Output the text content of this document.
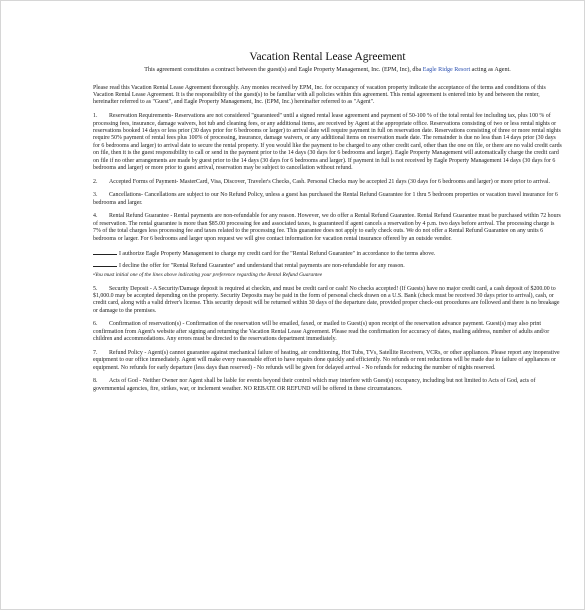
Vacation Rental Lease Agreement
This agreement constitutes a contract between the guest(s) and Eagle Property Management, Inc. (EPM, Inc), dba Eagle Ridge Resort acting as Agent.
Please read this Vacation Rental Lease Agreement thoroughly. Any monies received by EPM, Inc. for occupancy of vacation property indicate the acceptance of the terms and conditions of this Vacation Rental Lease Agreement. It is the responsibility of the guest(s) to be familiar with all policies within this agreement. This rental agreement is entered into by and between the renter, hereinafter referred to as "Guest", and Eagle Property Management, Inc. (EPM, Inc.) hereinafter referred to as "Agent".
1. Reservation Requirements- Reservations are not considered "guaranteed" until a signed rental lease agreement and payment of 50-100 % of the total rental fee including tax, plus 100 % of processing fees, insurance, damage waivers, hot tub and cleaning fees, or any additional items, are received by Agent at the appropriate office. Reservations consisting of two or less rental nights or reservations booked 14 days or less prior (30 days prior for 6 bedrooms or larger) to arrival date will require payment in full on reservation date. Reservations consisting of three or more rental nights require 50% payment of rental fees plus 100% of processing, insurance, damage waivers, or any additional items on reservation made date. The remainder is due no less than 14 days prior (30 days for 6 bedrooms and larger) to arrival date to secure the rental property. If you would like the payment to be charged to any other credit card, other than the one on file, or there are no valid credit cards on file, then it is the guest responsibility to call or send in the payment prior to the 14 days (30 days for 6 bedrooms and larger). Eagle Property Management will automatically charge the credit card on file if no other arrangements are made by guest prior to the 14 days (30 days for 6 bedrooms and larger). If payment in full is not received by Eagle Property Management 14 days (30 days for 6 bedrooms and larger) or more prior to guest arrival, reservation may be subject to cancellation without refund.
2. Accepted Forms of Payment- MasterCard, Visa, Discover, Traveler's Checks, Cash. Personal Checks may be accepted 21 days (30 days for 6 bedrooms and larger) or more prior to arrival.
3. Cancellations- Cancellations are subject to our No Refund Policy, unless a guest has purchased the Rental Refund Guarantee for 1 thru 5 bedroom properties or vacation travel insurance for 6 bedrooms and larger.
4. Rental Refund Guarantee - Rental payments are non-refundable for any reason. However, we do offer a Rental Refund Guarantee. Rental Refund Guarantee must be purchased within 72 hours of reservation. The rental guarantee is more than $85.00 processing fee and associated taxes, is guaranteed if agent cancels a reservation by 4 p.m. two days before arrival. The processing charge is 7% of the total charges less processing fee and taxes related to the processing fee. This guarantee does not apply to early check outs. We do not offer a Rental Refund Guarantee on any units 6 bedrooms or larger. For 6 bedrooms and larger upon request we will give contact information for vacation rental insurance offered by an outside vendor.
I authorize Eagle Property Management to charge my credit card for the "Rental Refund Guarantee" in accordance to the terms above.
I decline the offer for "Rental Refund Guarantee" and understand that rental payments are non-refundable for any reason.
•You must initial one of the lines above indicating your preference regarding the Rental Refund Guarantee
5. Security Deposit - A Security/Damage deposit is required at checkin, and must be credit card or cash! No checks accepted! (If Guests) have no major credit card, a cash deposit of $200.00 to $1,000.0 may be accepted depending on the property. Security Deposits may be paid in the form of personal check drawn on a U.S. Bank (check must be received 30 days prior to arrival), cash, or credit card, along with a valid driver's license. This security deposit will be returned within 30 days of the departure date, provided proper check-out procedures are followed and there is no breakage or damage to the premises.
6. Confirmation of reservation(s) - Confirmation of the reservation will be emailed, faxed, or mailed to Guest(s) upon receipt of the reservation advance payment. Guest(s) may also print confirmation from Agent's website after signing and returning the Vacation Rental Lease Agreement. Please read the confirmation for accuracy of dates, mailing address, number of adults and/or children and accommodations. Any errors must be directed to the reservations department immediately.
7. Refund Policy - Agent(s) cannot guarantee against mechanical failure of heating, air conditioning, Hot Tubs, TVs, Satellite Receivers, VCRs, or other appliances. Please report any inoperative equipment to our office immediately. Agent will make every reasonable effort to have repairs done quickly and efficiently. No refunds or rent reductions will be made due to failure of appliances or equipment. No refunds for early departure (less days than reserved) - No refunds will be given for delayed arrival - No refunds for reducing the number of nights reserved.
8. Acts of God - Neither Owner nor Agent shall be liable for events beyond their control which may interfere with Guest(s) occupancy, including but not limited to Acts of God, acts of governmental agencies, fire, strikes, war, or inclement weather. NO REBATE OR REFUND will be offered in these circumstances.
